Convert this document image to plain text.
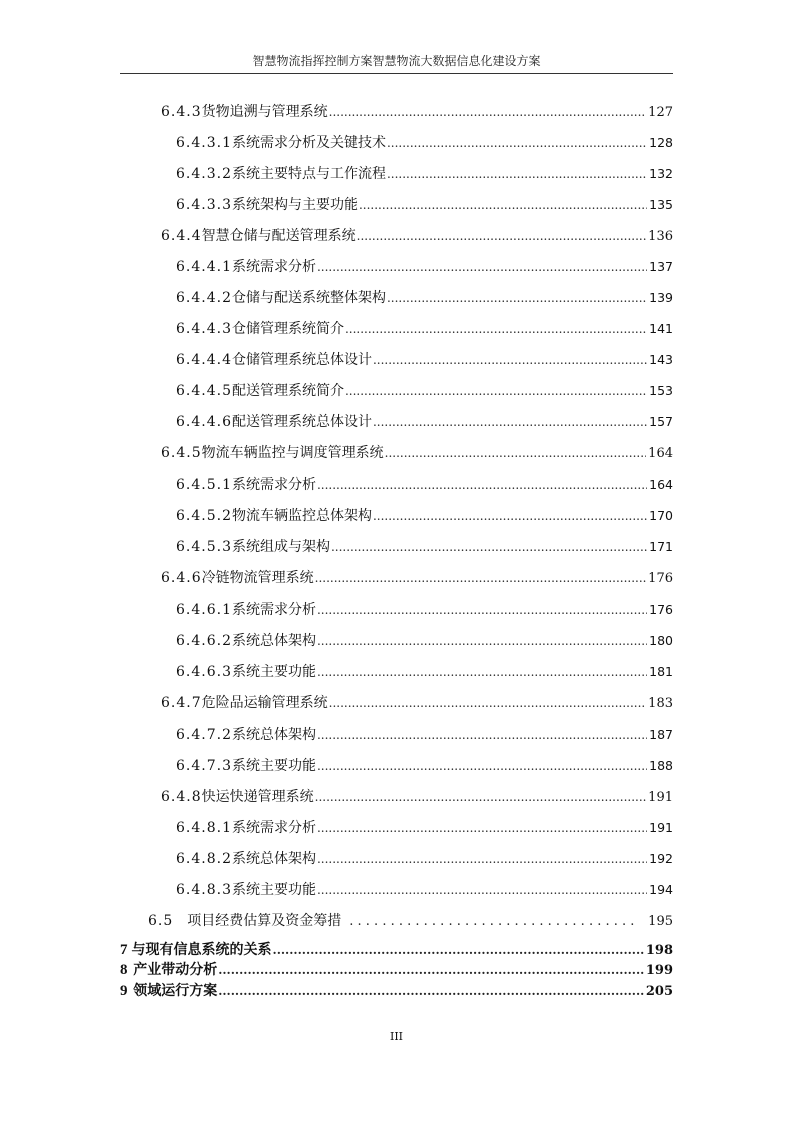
智慧物流指挥控制方案智慧物流大数据信息化建设方案
6.4.3 货物追溯与管理系统 .....	127
6.4.3.1 系统需求分析及关键技术 .....	128
6.4.3.2 系统主要特点与工作流程 .....	132
6.4.3.3 系统架构与主要功能 .....	135
6.4.4 智慧仓储与配送管理系统 .....	136
6.4.4.1 系统需求分析 .....	137
6.4.4.2 仓储与配送系统整体架构 .....	139
6.4.4.3 仓储管理系统简介 .....	141
6.4.4.4 仓储管理系统总体设计 .....	143
6.4.4.5 配送管理系统简介 .....	153
6.4.4.6 配送管理系统总体设计 .....	157
6.4.5 物流车辆监控与调度管理系统 .....	164
6.4.5.1 系统需求分析 .....	164
6.4.5.2 物流车辆监控总体架构 .....	170
6.4.5.3 系统组成与架构 .....	171
6.4.6 冷链物流管理系统 .....	176
6.4.6.1 系统需求分析 .....	176
6.4.6.2 系统总体架构 .....	180
6.4.6.3 系统主要功能 .....	181
6.4.7 危险品运输管理系统 .....	183
6.4.7.2 系统总体架构 .....	187
6.4.7.3 系统主要功能 .....	188
6.4.8 快运快递管理系统 .....	191
6.4.8.1 系统需求分析 .....	191
6.4.8.2 系统总体架构 .....	192
6.4.8.3 系统主要功能 .....	194
6.5 项目经费估算及资金筹措 . . .	195
7 与现有信息系统的关系 .....	198
8 产业带动分析 .....	199
9 领域运行方案 .....	205
III
